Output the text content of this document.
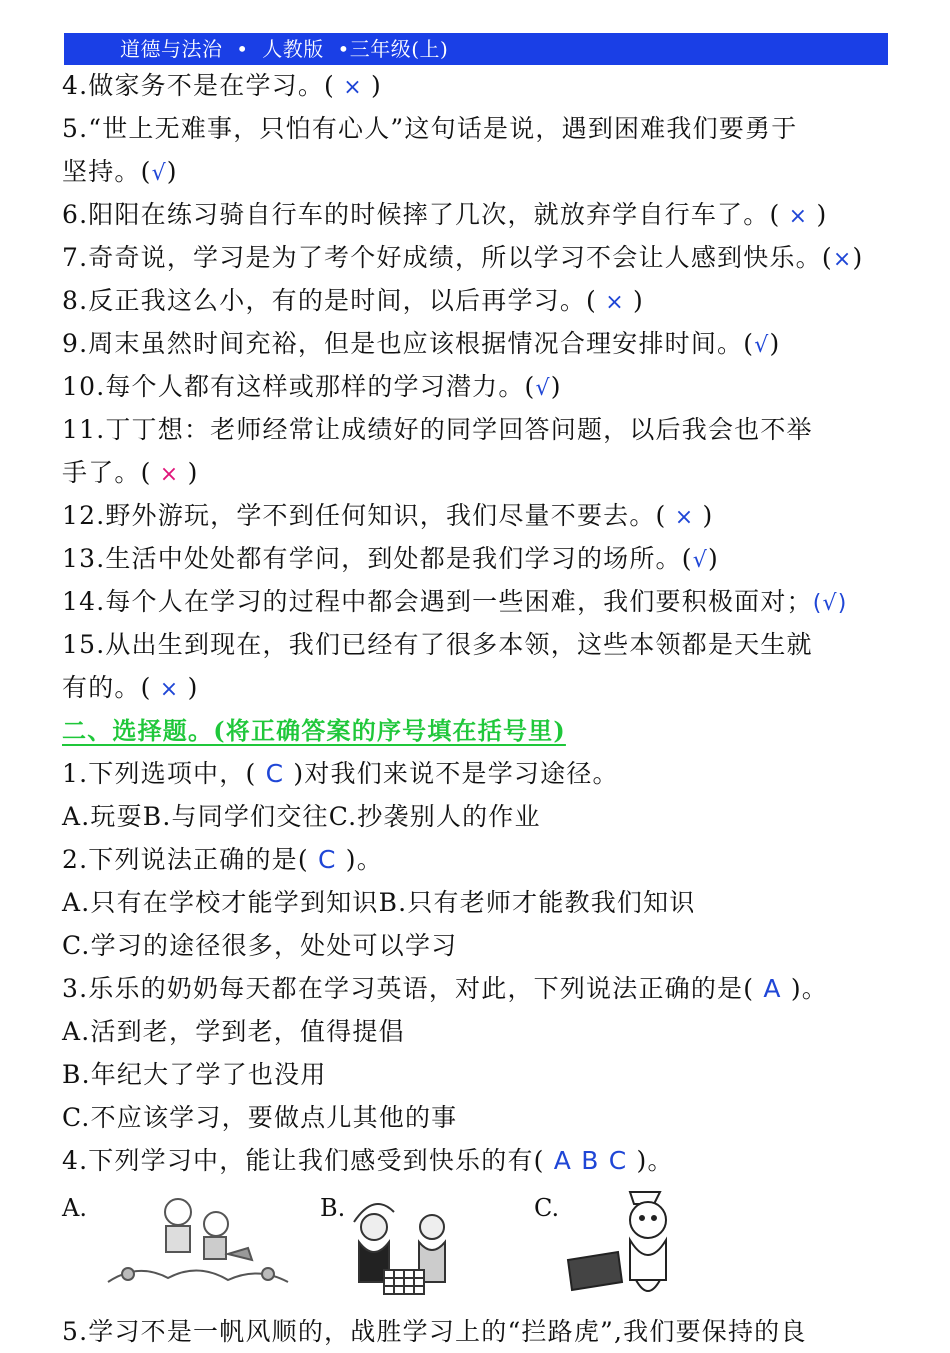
道德与法治  •  人教版  •三年级(上)
4.做家务不是在学习。( × )
5.“世上无难事，只怕有心人”这句话是说，遇到困难我们要勇于
坚持。(√)
6.阳阳在练习骑自行车的时候摔了几次，就放弃学自行车了。( × )
7.奇奇说，学习是为了考个好成绩，所以学习不会让人感到快乐。(×)
8.反正我这么小，有的是时间，以后再学习。( × )
9.周末虽然时间充裕，但是也应该根据情况合理安排时间。(√)
10.每个人都有这样或那样的学习潜力。(√)
11.丁丁想：老师经常让成绩好的同学回答问题，以后我会也不举
手了。( × )
12.野外游玩，学不到任何知识，我们尽量不要去。( × )
13.生活中处处都有学问，到处都是我们学习的场所。(√)
14.每个人在学习的过程中都会遇到一些困难，我们要积极面对；(√)
15.从出生到现在，我们已经有了很多本领，这些本领都是天生就
有的。( × )
二、选择题。(将正确答案的序号填在括号里)
1.下列选项中，( C )对我们来说不是学习途径。
A.玩耍B.与同学们交往C.抄袭别人的作业
2.下列说法正确的是( C )。
A.只有在学校才能学到知识B.只有老师才能教我们知识
C.学习的途径很多，处处可以学习
3.乐乐的奶奶每天都在学习英语，对此，下列说法正确的是( A )。
A.活到老，学到老，值得提倡
B.年纪大了学了也没用
C.不应该学习，要做点儿其他的事
4.下列学习中，能让我们感受到快乐的有( A B C )。
A.	B.	C.
5.学习不是一帆风顺的，战胜学习上的“拦路虎”,我们要保持的良
